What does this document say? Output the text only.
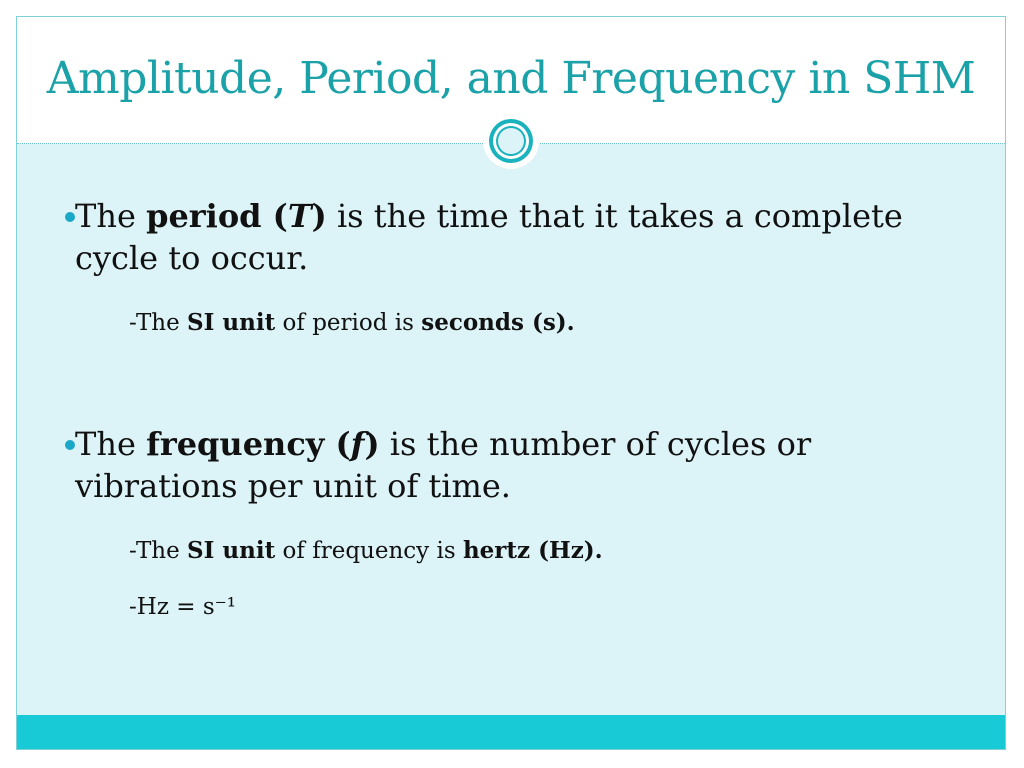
Amplitude, Period, and Frequency in SHM
The period (T) is the time that it takes a complete cycle to occur.
-The SI unit of period is seconds (s).
The frequency (f) is the number of cycles or vibrations per unit of time.
-The SI unit of frequency is hertz (Hz).
-Hz = s⁻¹
